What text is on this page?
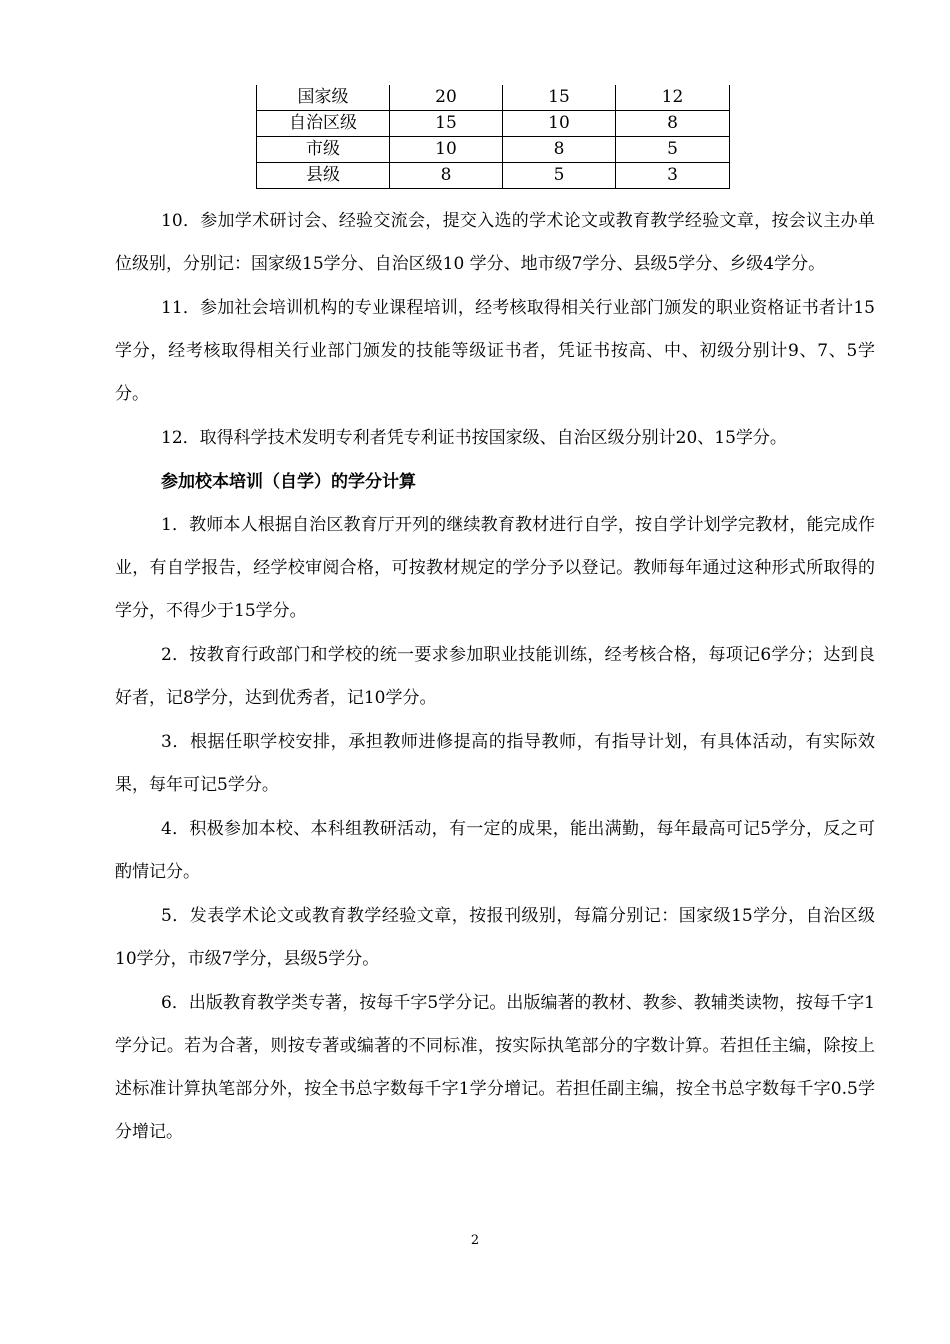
国家级	20	15	12
自治区级	15	10	8
市级	10	8	5
县级	8	5	3

10．参加学术研讨会、经验交流会，提交入选的学术论文或教育教学经验文章，按会议主办单位级别，分别记：国家级15学分、自治区级10 学分、地市级7学分、县级5学分、乡级4学分。

11．参加社会培训机构的专业课程培训，经考核取得相关行业部门颁发的职业资格证书者计15学分，经考核取得相关行业部门颁发的技能等级证书者，凭证书按高、中、初级分别计9、7、5学分。

12．取得科学技术发明专利者凭专利证书按国家级、自治区级分别计20、15学分。

参加校本培训（自学）的学分计算

1．教师本人根据自治区教育厅开列的继续教育教材进行自学，按自学计划学完教材，能完成作业，有自学报告，经学校审阅合格，可按教材规定的学分予以登记。教师每年通过这种形式所取得的学分，不得少于15学分。

2．按教育行政部门和学校的统一要求参加职业技能训练，经考核合格，每项记6学分；达到良好者，记8学分，达到优秀者，记10学分。

3．根据任职学校安排，承担教师进修提高的指导教师，有指导计划，有具体活动，有实际效果，每年可记5学分。

4．积极参加本校、本科组教研活动，有一定的成果，能出满勤，每年最高可记5学分，反之可酌情记分。

5．发表学术论文或教育教学经验文章，按报刊级别，每篇分别记：国家级15学分，自治区级10学分，市级7学分，县级5学分。

6．出版教育教学类专著，按每千字5学分记。出版编著的教材、教参、教辅类读物，按每千字1学分记。若为合著，则按专著或编著的不同标准，按实际执笔部分的字数计算。若担任主编，除按上述标准计算执笔部分外，按全书总字数每千字1学分增记。若担任副主编，按全书总字数每千字0.5学分增记。

2
